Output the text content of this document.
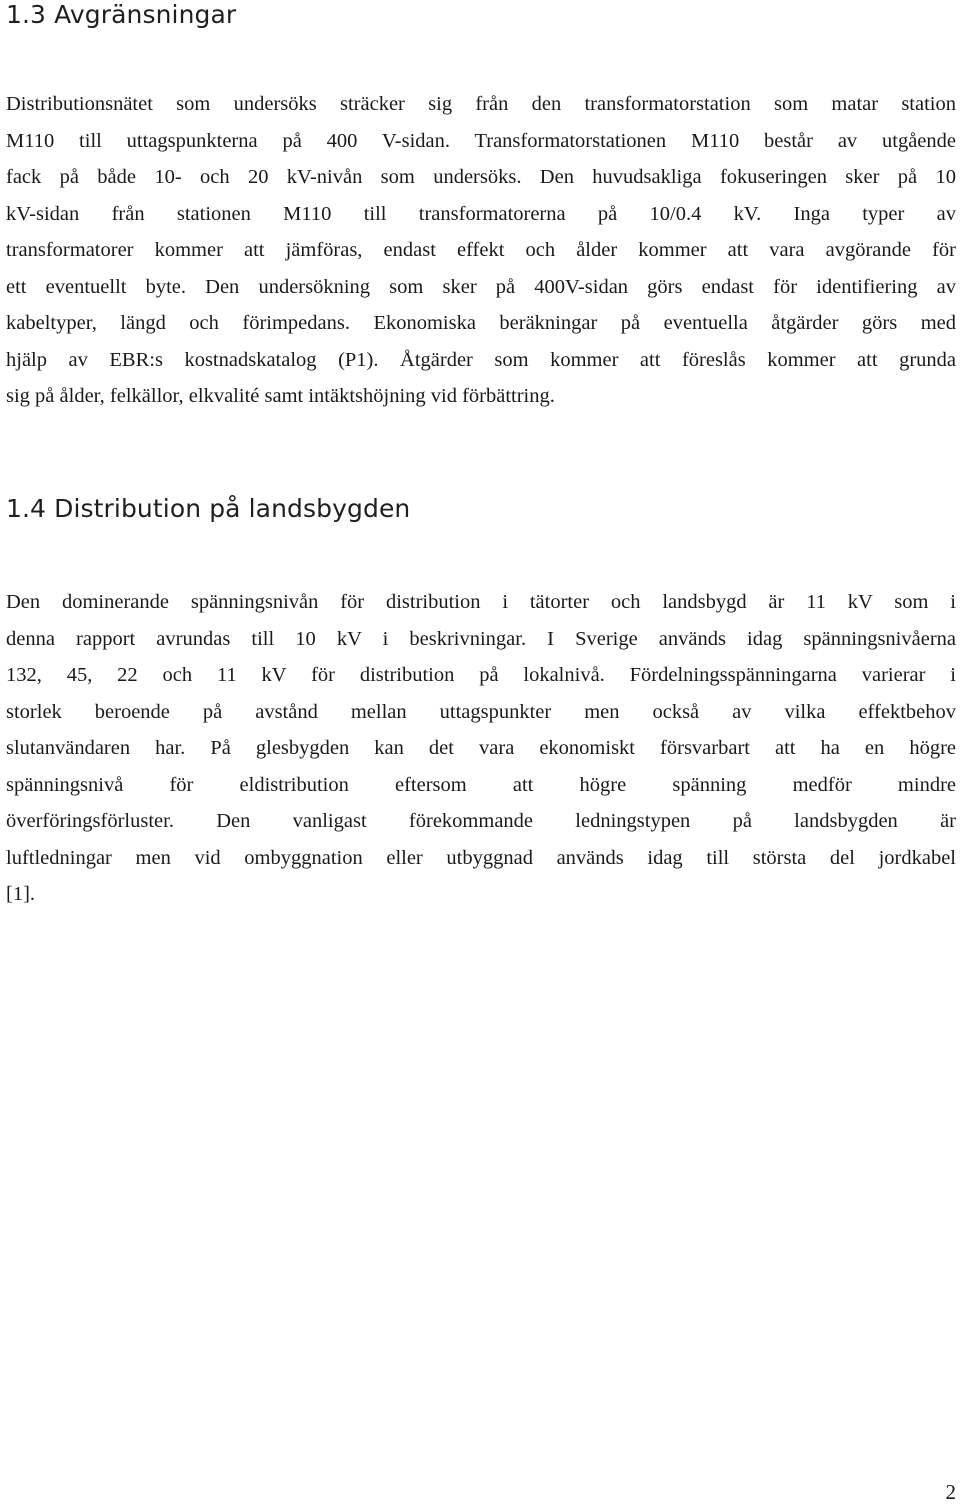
1.3 Avgränsningar
Distributionsnätet som undersöks sträcker sig från den transformatorstation som matar station
M110 till uttagspunkterna på 400 V-sidan. Transformatorstationen M110 består av utgående
fack på både 10- och 20 kV-nivån som undersöks. Den huvudsakliga fokuseringen sker på 10
kV-sidan från stationen M110 till transformatorerna på 10/0.4 kV. Inga typer av
transformatorer kommer att jämföras, endast effekt och ålder kommer att vara avgörande för
ett eventuellt byte. Den undersökning som sker på 400V-sidan görs endast för identifiering av
kabeltyper, längd och förimpedans. Ekonomiska beräkningar på eventuella åtgärder görs med
hjälp av EBR:s kostnadskatalog (P1). Åtgärder som kommer att föreslås kommer att grunda
sig på ålder, felkällor, elkvalité samt intäktshöjning vid förbättring.
1.4 Distribution på landsbygden
Den dominerande spänningsnivån för distribution i tätorter och landsbygd är 11 kV som i
denna rapport avrundas till 10 kV i beskrivningar. I Sverige används idag spänningsnivåerna
132, 45, 22 och 11 kV för distribution på lokalnivå. Fördelningsspänningarna varierar i
storlek beroende på avstånd mellan uttagspunkter men också av vilka effektbehov
slutanvändaren har. På glesbygden kan det vara ekonomiskt försvarbart att ha en högre
spänningsnivå för eldistribution eftersom att högre spänning medför mindre
överföringsförluster. Den vanligast förekommande ledningstypen på landsbygden är
luftledningar men vid ombyggnation eller utbyggnad används idag till största del jordkabel
[1].

2
